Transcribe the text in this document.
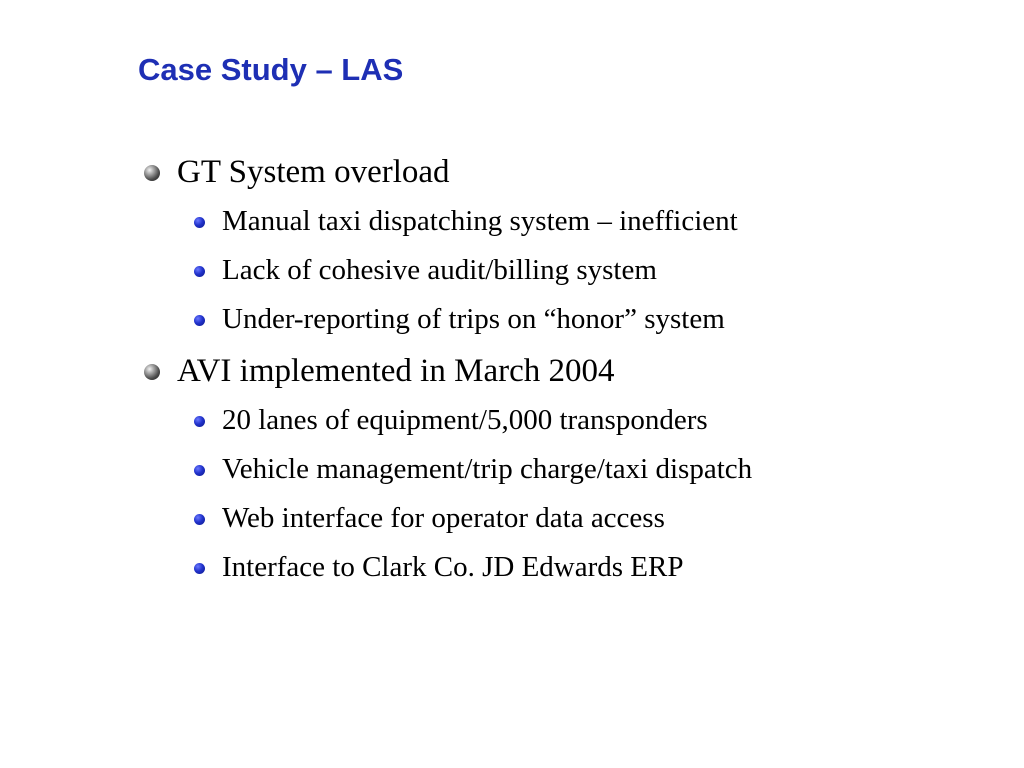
Case Study – LAS
GT System overload
Manual taxi dispatching system – inefficient
Lack of cohesive audit/billing system
Under-reporting of trips on “honor” system
AVI implemented in March 2004
20 lanes of equipment/5,000 transponders
Vehicle management/trip charge/taxi dispatch
Web interface for operator data access
Interface to Clark Co. JD Edwards ERP
